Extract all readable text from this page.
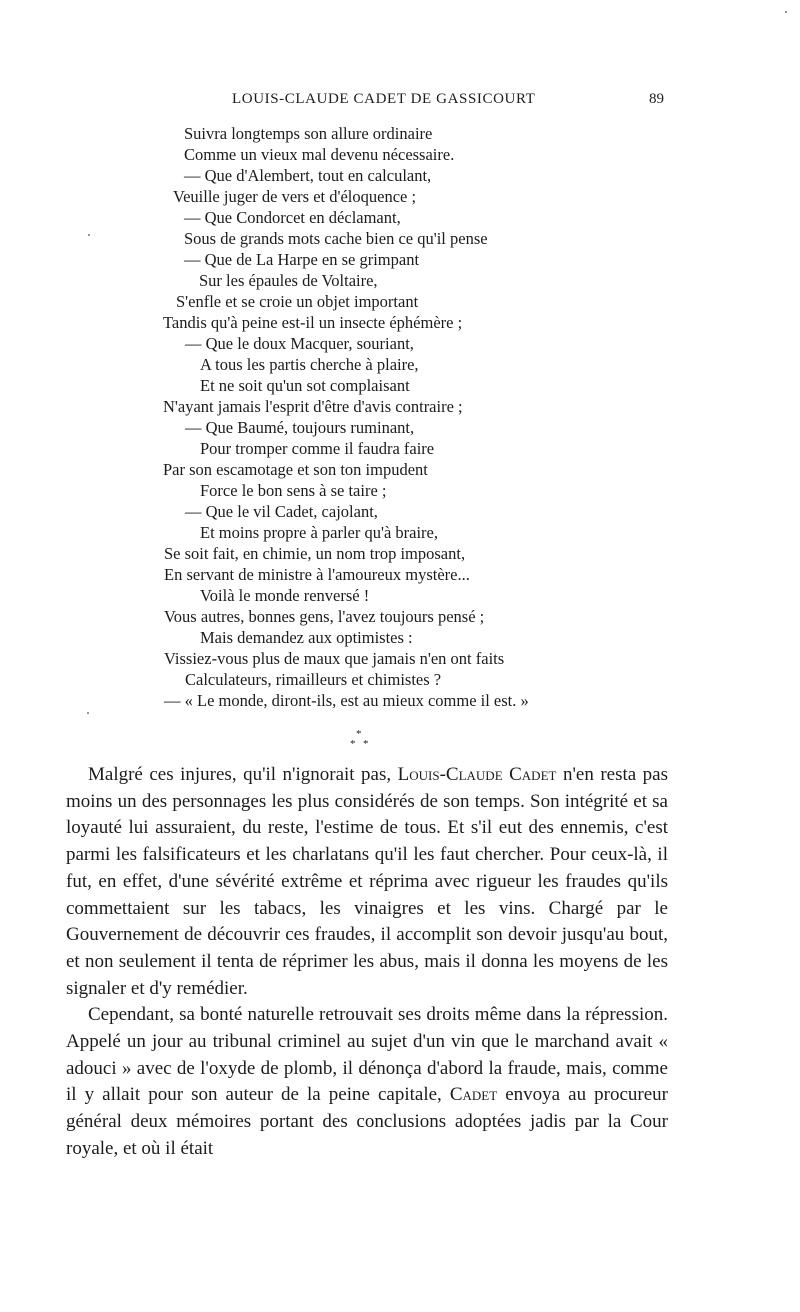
LOUIS-CLAUDE CADET DE GASSICOURT	89
Suivra longtemps son allure ordinaire
Comme un vieux mal devenu nécessaire.
— Que d'Alembert, tout en calculant,
Veuille juger de vers et d'éloquence ;
— Que Condorcet en déclamant,
Sous de grands mots cache bien ce qu'il pense
— Que de La Harpe en se grimpant
Sur les épaules de Voltaire,
S'enfle et se croie un objet important
Tandis qu'à peine est-il un insecte éphémère ;
— Que le doux Macquer, souriant,
A tous les partis cherche à plaire,
Et ne soit qu'un sot complaisant
N'ayant jamais l'esprit d'être d'avis contraire ;
— Que Baumé, toujours ruminant,
Pour tromper comme il faudra faire
Par son escamotage et son ton impudent
Force le bon sens à se taire ;
— Que le vil Cadet, cajolant,
Et moins propre à parler qu'à braire,
Se soit fait, en chimie, un nom trop imposant,
En servant de ministre à l'amoureux mystère...
Voilà le monde renversé !
Vous autres, bonnes gens, l'avez toujours pensé ;
Mais demandez aux optimistes :
Vissiez-vous plus de maux que jamais n'en ont faits
Calculateurs, rimailleurs et chimistes ?
— « Le monde, diront-ils, est au mieux comme il est. »
*
* *

Malgré ces injures, qu'il n'ignorait pas, Louis-Claude Cadet n'en resta pas moins un des personnages les plus considérés de son temps. Son intégrité et sa loyauté lui assuraient, du reste, l'estime de tous. Et s'il eut des ennemis, c'est parmi les falsificateurs et les charlatans qu'il les faut chercher. Pour ceux-là, il fut, en effet, d'une sévérité extrême et réprima avec rigueur les fraudes qu'ils commettaient sur les tabacs, les vinaigres et les vins. Chargé par le Gouvernement de découvrir ces fraudes, il accomplit son devoir jusqu'au bout, et non seulement il tenta de réprimer les abus, mais il donna les moyens de les signaler et d'y remédier.

Cependant, sa bonté naturelle retrouvait ses droits même dans la répression. Appelé un jour au tribunal criminel au sujet d'un vin que le marchand avait « adouci » avec de l'oxyde de plomb, il dénonça d'abord la fraude, mais, comme il y allait pour son auteur de la peine capitale, Cadet envoya au procureur général deux mémoires portant des conclusions adoptées jadis par la Cour royale, et où il était
